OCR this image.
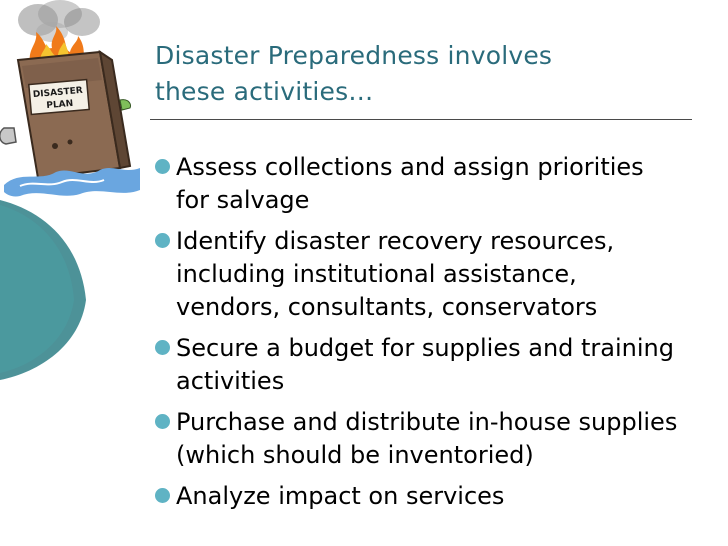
DISASTER
PLAN
Disaster Preparedness involves
these activities…
Assess collections and assign priorities
for salvage
Identify disaster recovery resources,
including institutional assistance,
vendors, consultants, conservators
Secure a budget for supplies and training
activities
Purchase and distribute in-house supplies
(which should be inventoried)
Analyze impact on services
